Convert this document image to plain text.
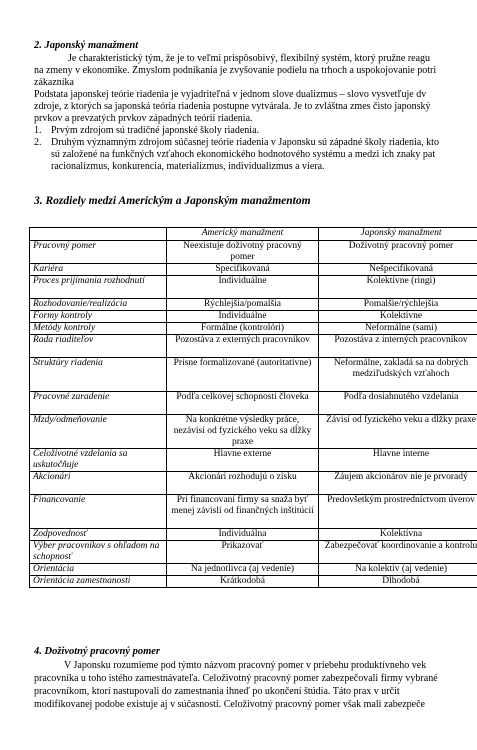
2. Japonský manažment
Je charakteristický tým, že je to veľmi prispôsobivý, flexibilný systém, ktorý pružne reagu
na zmeny v ekonomike. Zmyslom podnikania je zvyšovanie podielu na trhoch a uspokojovanie potri
zákazníka
Podstata japonskej teórie riadenia je vyjadriteľná v jednom slove dualizmus – slovo vysvetľuje dv
zdroje, z ktorých sa japonská teória riadenia postupne vytvárala. Je to zvláštna zmes čisto japonský
prvkov a prevzatých prvkov západných teórií riadenia.
1. Prvým zdrojom sú tradičné japonské školy riadenia.
2. Druhým významným zdrojom súčasnej teórie riadenia v Japonsku sú západné školy riadenia, kto
sú založené na funkčných vzťahoch ekonomického hodnotového systému a medzi ich znaky pat
racionalizmus, konkurencia, materializmus, individualizmus a viera.
3. Rozdiely medzi Americkým a Japonským manažmentom
	Americký manažment	Japonský manažment
Pracovný pomer	Neexistuje doživotný pracovný pomer	Doživotný pracovný pomer
Kariéra	Specifikovaná	Nešpecifikovaná
Proces prijímania rozhodnutí	Individuálne	Kolektívne (ringi)
Rozhodovanie/realizácia	Rýchlejšia/pomalšia	Pomalšie/rýchlejšia
Formy kontroly	Individuálne	Kolektívne
Metódy kontroly	Formálne (kontrolóri)	Neformálne (sami)
Rada riaditeľov	Pozostáva z externých pracovníkov	Pozostáva z interných pracovníkov
Štruktúry riadenia	Prísne formalizované (autoritatívne)	Neformálne, zakladá sa na dobrých medziľudských vzťahoch
Pracovné zaradenie	Podľa celkovej schopnosti človeka	Podľa dosiahnutého vzdelania
Mzdy/odmeňovanie	Na konkrétne výsledky práce, nezávisí od fyzického veku sa dĺžky praxe	Závisí od fyzického veku a dĺžky praxe
Celoživotné vzdelania sa uskutočňuje	Hlavne externe	Hlavne interne
Akcionári	Akcionári rozhodujú o zisku	Záujem akcionárov nie je prvoradý
Financovanie	Pri financovaní firmy sa snaža byť menej závislí od finančných inštitúcií	Predovšetkým prostredníctvom úverov
Zodpovednosť	Individuálna	Kolektívna
Výber pracovníkov s ohľadom na schopnosť	Prikazovať	Zabezpečovať koordinovanie a kontrolu
Orientácia	Na jednotlivca (aj vedenie)	Na kolektív (aj vedenie)
Orientácia zamestnanosti	Krátkodobá	Dlhodobá
4. Doživotný pracovný pomer
V Japonsku rozumieme pod týmto názvom pracovný pomer v priebehu produktívneho vek
pracovníka u toho istého zamestnávateľa. Celoživotný pracovný pomer zabezpečovali firmy vybrané
pracovníkom, ktorí nastupovali do zamestnania ihneď po ukončení štúdia. Táto prax v určit
modifikovanej podobe existuje aj v súčasnosti. Celoživotný pracovný pomer však mali zabezpeče
